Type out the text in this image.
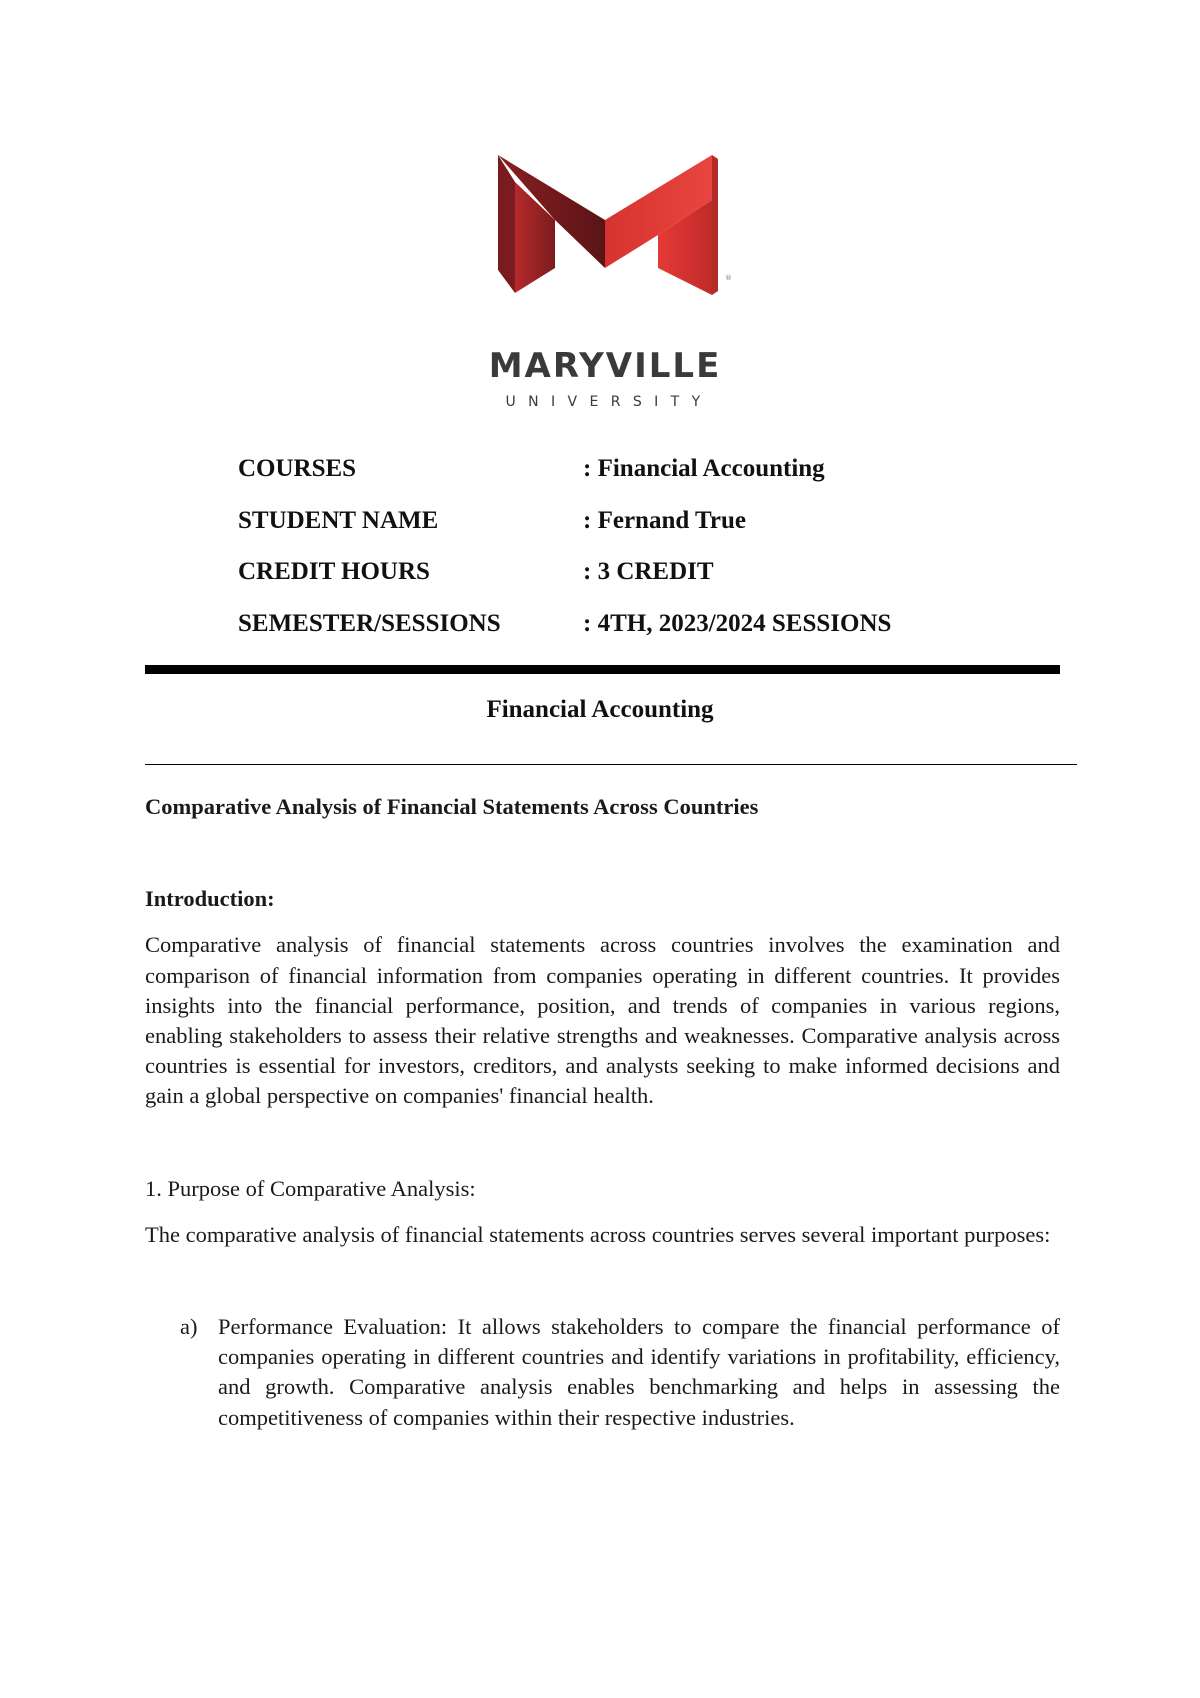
®
MARYVILLE
UNIVERSITY
COURSES	: Financial Accounting
STUDENT NAME	: Fernand True
CREDIT HOURS	: 3 CREDIT
SEMESTER/SESSIONS	: 4TH, 2023/2024 SESSIONS
Financial Accounting

Comparative Analysis of Financial Statements Across Countries

Introduction:

Comparative analysis of financial statements across countries involves the examination and comparison of financial information from companies operating in different countries. It provides insights into the financial performance, position, and trends of companies in various regions, enabling stakeholders to assess their relative strengths and weaknesses. Comparative analysis across countries is essential for investors, creditors, and analysts seeking to make informed decisions and gain a global perspective on companies' financial health.

1. Purpose of Comparative Analysis:

The comparative analysis of financial statements across countries serves several important purposes:

a) Performance Evaluation: It allows stakeholders to compare the financial performance of companies operating in different countries and identify variations in profitability, efficiency, and growth. Comparative analysis enables benchmarking and helps in assessing the competitiveness of companies within their respective industries.
